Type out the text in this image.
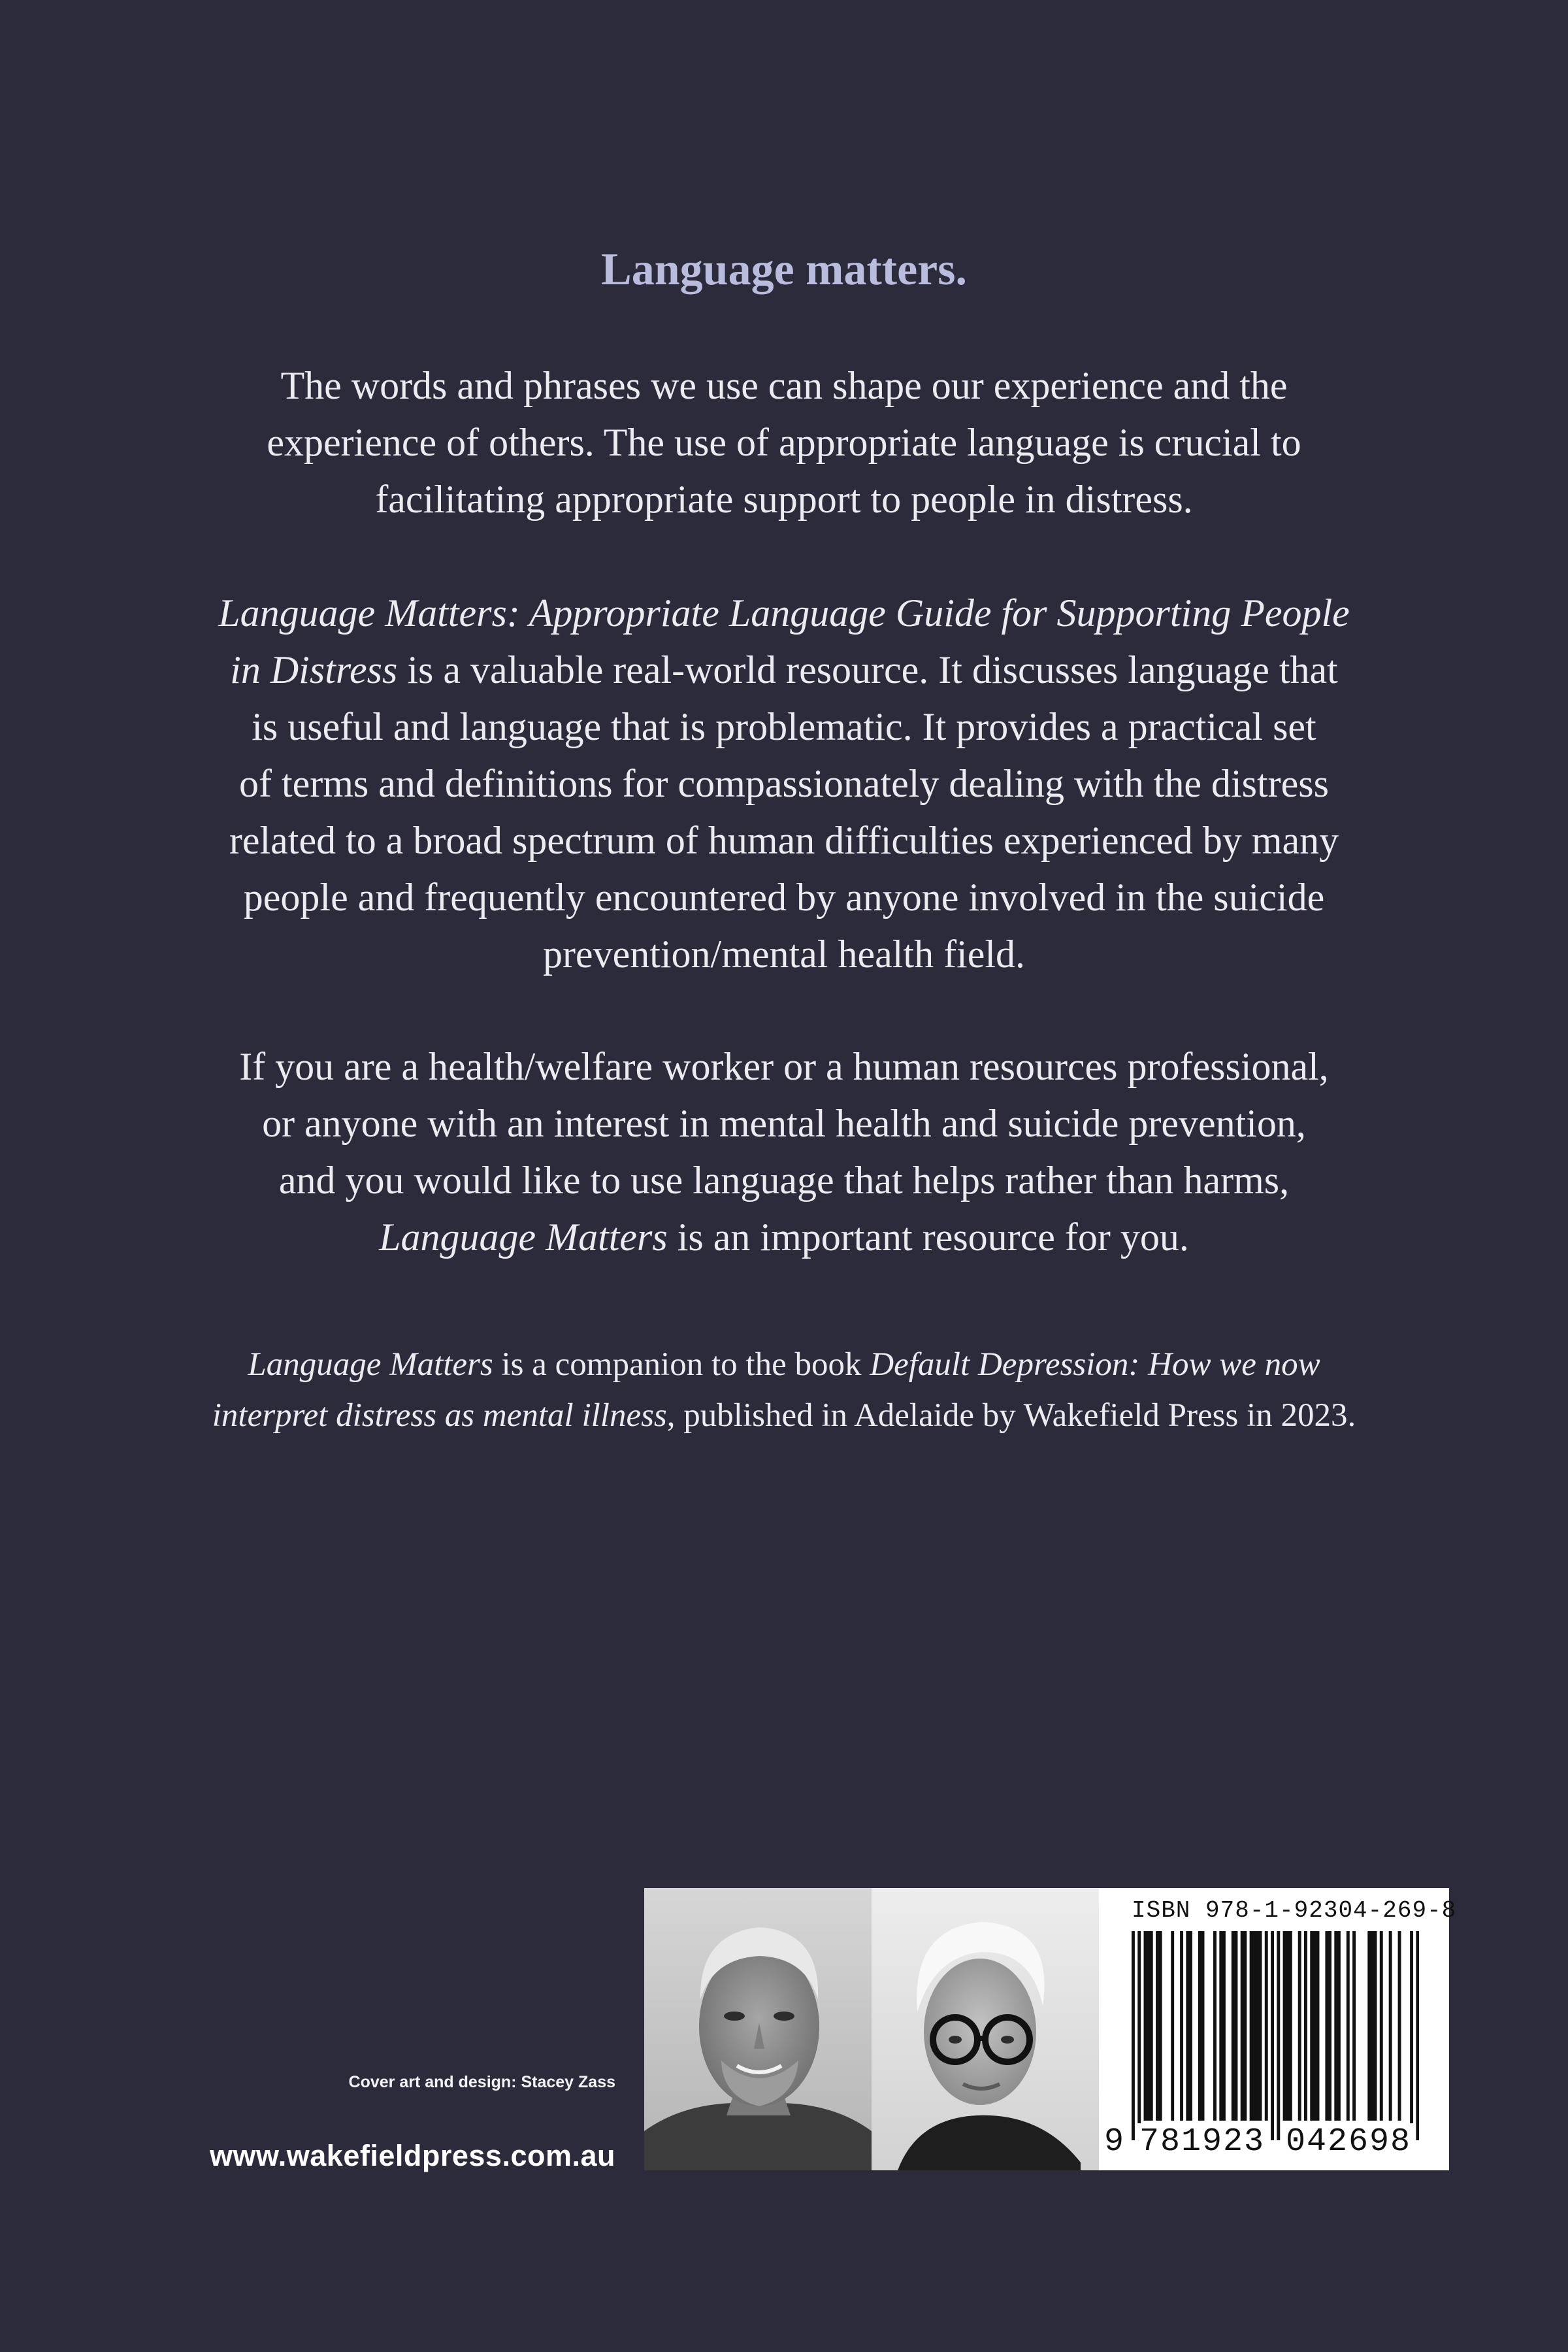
Language matters.

The words and phrases we use can shape our experience and the
experience of others. The use of appropriate language is crucial to
facilitating appropriate support to people in distress.

Language Matters: Appropriate Language Guide for Supporting People
in Distress is a valuable real-world resource. It discusses language that
is useful and language that is problematic. It provides a practical set
of terms and definitions for compassionately dealing with the distress
related to a broad spectrum of human difficulties experienced by many
people and frequently encountered by anyone involved in the suicide
prevention/mental health field.

If you are a health/welfare worker or a human resources professional,
or anyone with an interest in mental health and suicide prevention,
and you would like to use language that helps rather than harms,
Language Matters is an important resource for you.

Language Matters is a companion to the book Default Depression: How we now
interpret distress as mental illness, published in Adelaide by Wakefield Press in 2023.

Cover art and design: Stacey Zass
www.wakefieldpress.com.au
ISBN 978-1-92304-269-8
9 781923 042698
